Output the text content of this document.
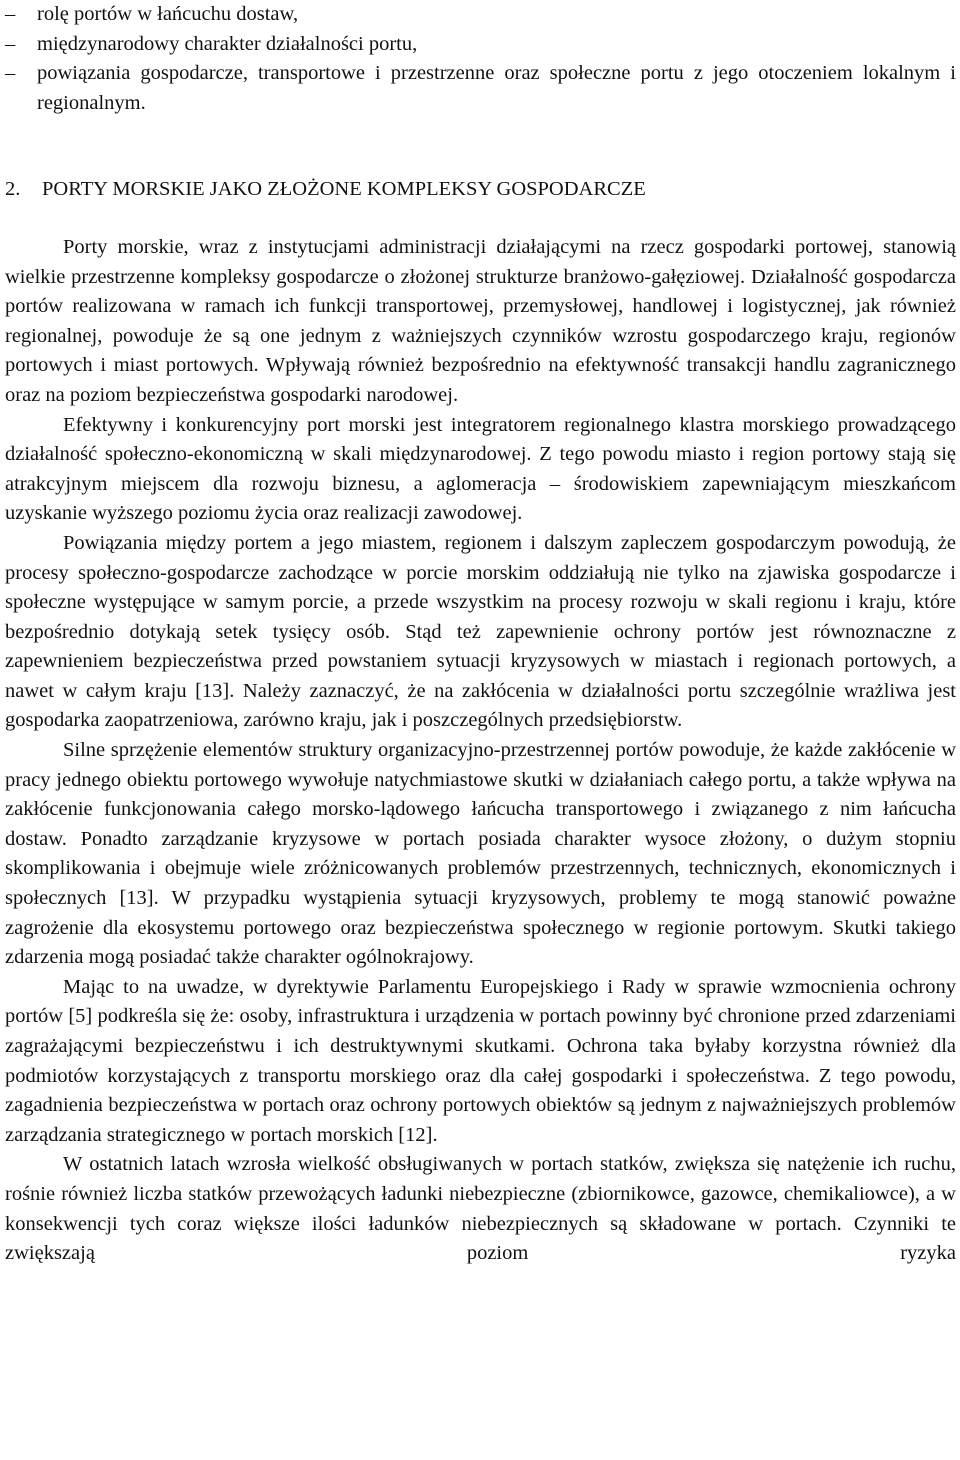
–	rolę portów w łańcuchu dostaw,
–	międzynarodowy charakter działalności portu,
–	powiązania gospodarcze, transportowe i przestrzenne oraz społeczne portu z jego otoczeniem lokalnym i regionalnym.
2.	PORTY MORSKIE JAKO ZŁOŻONE KOMPLEKSY GOSPODARCZE

Porty morskie, wraz z instytucjami administracji działającymi na rzecz gospodarki portowej, stanowią wielkie przestrzenne kompleksy gospodarcze o złożonej strukturze branżowo-gałęziowej. Działalność gospodarcza portów realizowana w ramach ich funkcji transportowej, przemysłowej, handlowej i logistycznej, jak również regionalnej, powoduje że są one jednym z ważniejszych czynników wzrostu gospodarczego kraju, regionów portowych i miast portowych. Wpływają również bezpośrednio na efektywność transakcji handlu zagranicznego oraz na poziom bezpieczeństwa gospodarki narodowej.

Efektywny i konkurencyjny port morski jest integratorem regionalnego klastra morskiego prowadzącego działalność społeczno-ekonomiczną w skali międzynarodowej. Z tego powodu miasto i region portowy stają się atrakcyjnym miejscem dla rozwoju biznesu, a aglomeracja – środowiskiem zapewniającym mieszkańcom uzyskanie wyższego poziomu życia oraz realizacji zawodowej.

Powiązania między portem a jego miastem, regionem i dalszym zapleczem gospodarczym powodują, że procesy społeczno-gospodarcze zachodzące w porcie morskim oddziałują nie tylko na zjawiska gospodarcze i społeczne występujące w samym porcie, a przede wszystkim na procesy rozwoju w skali regionu i kraju, które bezpośrednio dotykają setek tysięcy osób. Stąd też zapewnienie ochrony portów jest równoznaczne z zapewnieniem bezpieczeństwa przed powstaniem sytuacji kryzysowych w miastach i regionach portowych, a nawet w całym kraju [13]. Należy zaznaczyć, że na zakłócenia w działalności portu szczególnie wrażliwa jest gospodarka zaopatrzeniowa, zarówno kraju, jak i poszczególnych przedsiębiorstw.

Silne sprzężenie elementów struktury organizacyjno-przestrzennej portów powoduje, że każde zakłócenie w pracy jednego obiektu portowego wywołuje natychmiastowe skutki w działaniach całego portu, a także wpływa na zakłócenie funkcjonowania całego morsko-lądowego łańcucha transportowego i związanego z nim łańcucha dostaw. Ponadto zarządzanie kryzysowe w portach posiada charakter wysoce złożony, o dużym stopniu skomplikowania i obejmuje wiele zróżnicowanych problemów przestrzennych, technicznych, ekonomicznych i społecznych [13]. W przypadku wystąpienia sytuacji kryzysowych, problemy te mogą stanowić poważne zagrożenie dla ekosystemu portowego oraz bezpieczeństwa społecznego w regionie portowym. Skutki takiego zdarzenia mogą posiadać także charakter ogólnokrajowy.

Mając to na uwadze, w dyrektywie Parlamentu Europejskiego i Rady w sprawie wzmocnienia ochrony portów [5] podkreśla się że: osoby, infrastruktura i urządzenia w portach powinny być chronione przed zdarzeniami zagrażającymi bezpieczeństwu i ich destruktywnymi skutkami. Ochrona taka byłaby korzystna również dla podmiotów korzystających z transportu morskiego oraz dla całej gospodarki i społeczeństwa. Z tego powodu, zagadnienia bezpieczeństwa w portach oraz ochrony portowych obiektów są jednym z najważniejszych problemów zarządzania strategicznego w portach morskich [12].

W ostatnich latach wzrosła wielkość obsługiwanych w portach statków, zwiększa się natężenie ich ruchu, rośnie również liczba statków przewożących ładunki niebezpieczne (zbiornikowce, gazowce, chemikaliowce), a w konsekwencji tych coraz większe ilości ładunków niebezpiecznych są składowane w portach. Czynniki te zwiększają poziom ryzyka
